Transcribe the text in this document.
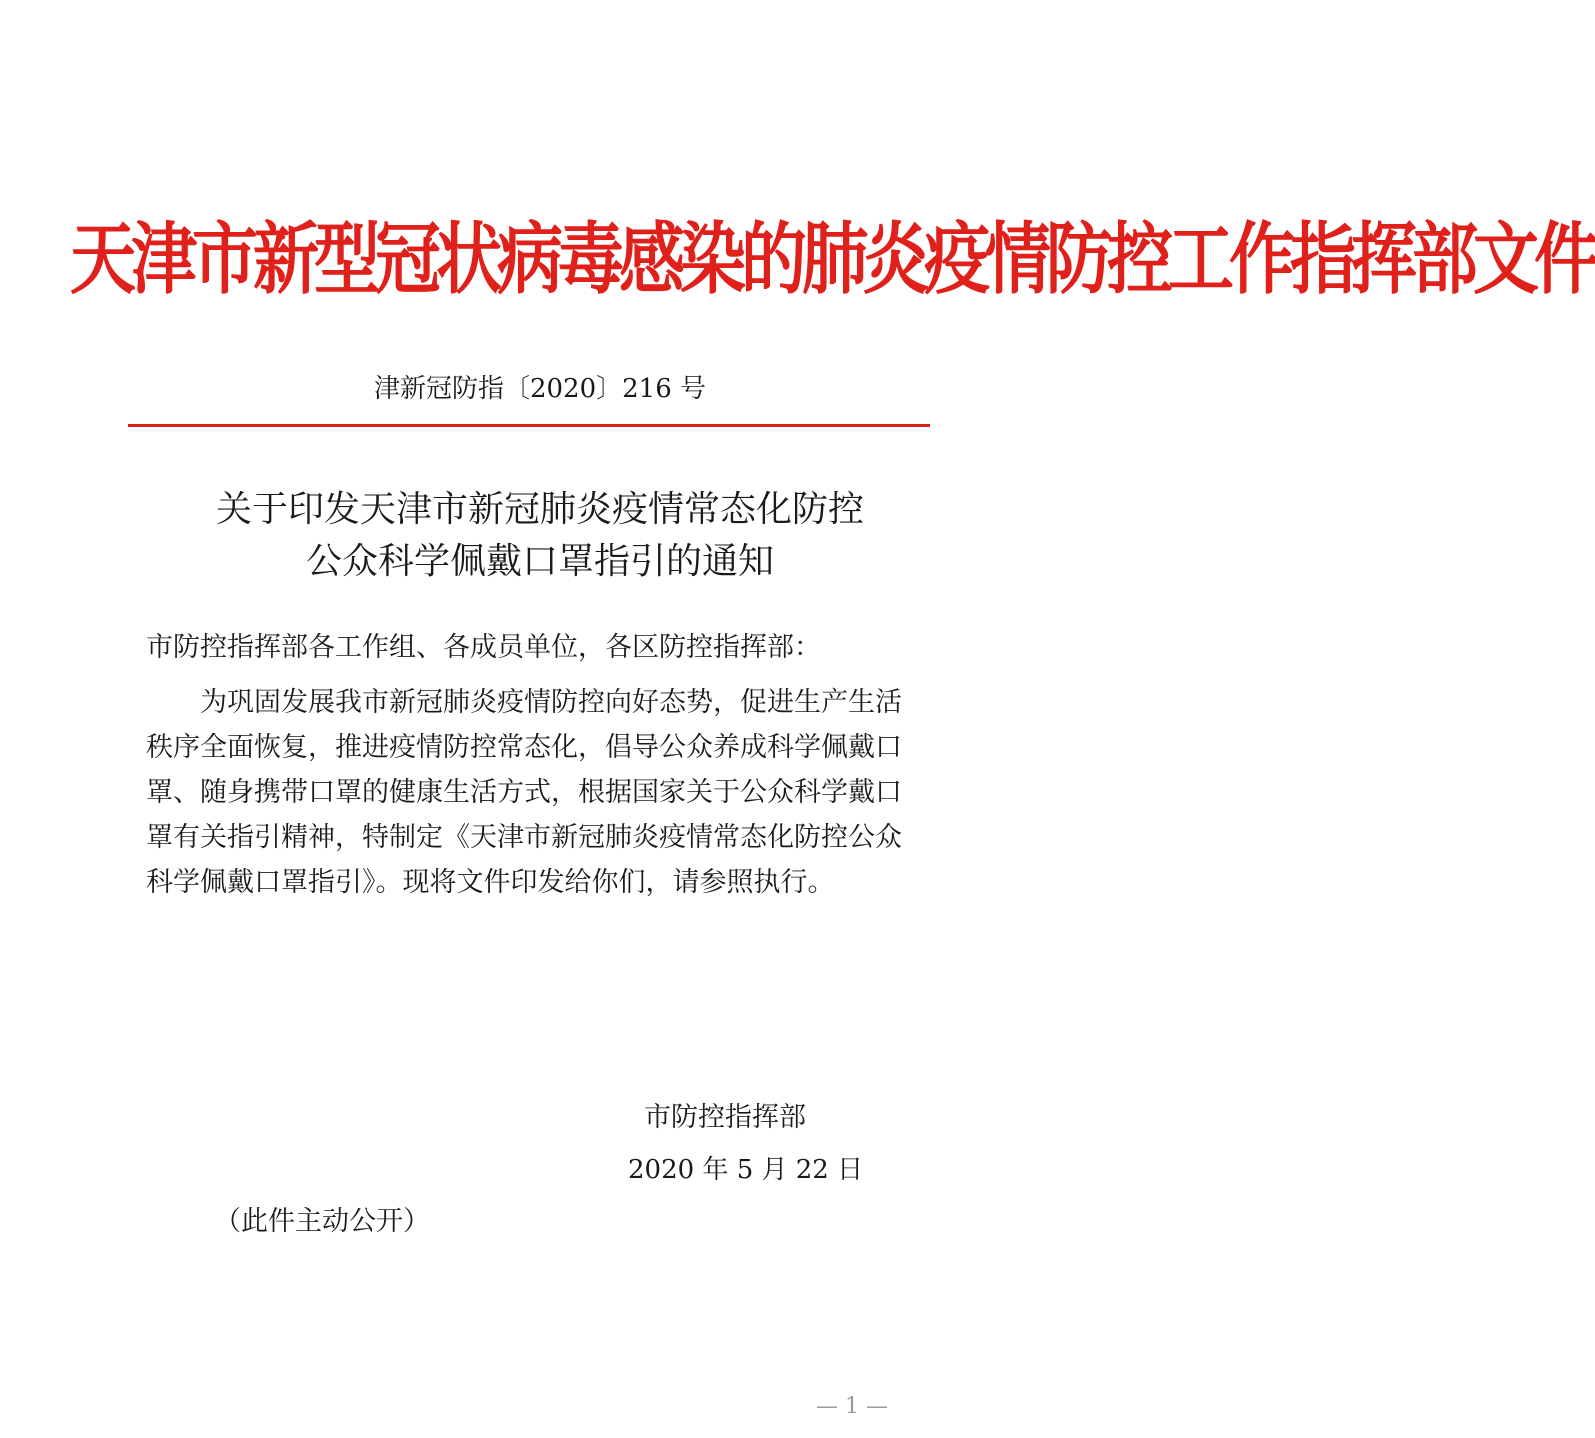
天津市新型冠状病毒感染的肺炎疫情防控工作指挥部文件
津新冠防指〔2020〕216 号
关于印发天津市新冠肺炎疫情常态化防控
公众科学佩戴口罩指引的通知
市防控指挥部各工作组、各成员单位，各区防控指挥部：
为巩固发展我市新冠肺炎疫情防控向好态势，促进生产生活
秩序全面恢复，推进疫情防控常态化，倡导公众养成科学佩戴口
罩、随身携带口罩的健康生活方式，根据国家关于公众科学戴口
罩有关指引精神，特制定《天津市新冠肺炎疫情常态化防控公众
科学佩戴口罩指引》。现将文件印发给你们，请参照执行。
市防控指挥部
2020 年 5 月 22 日
（此件主动公开）
— 1 —
